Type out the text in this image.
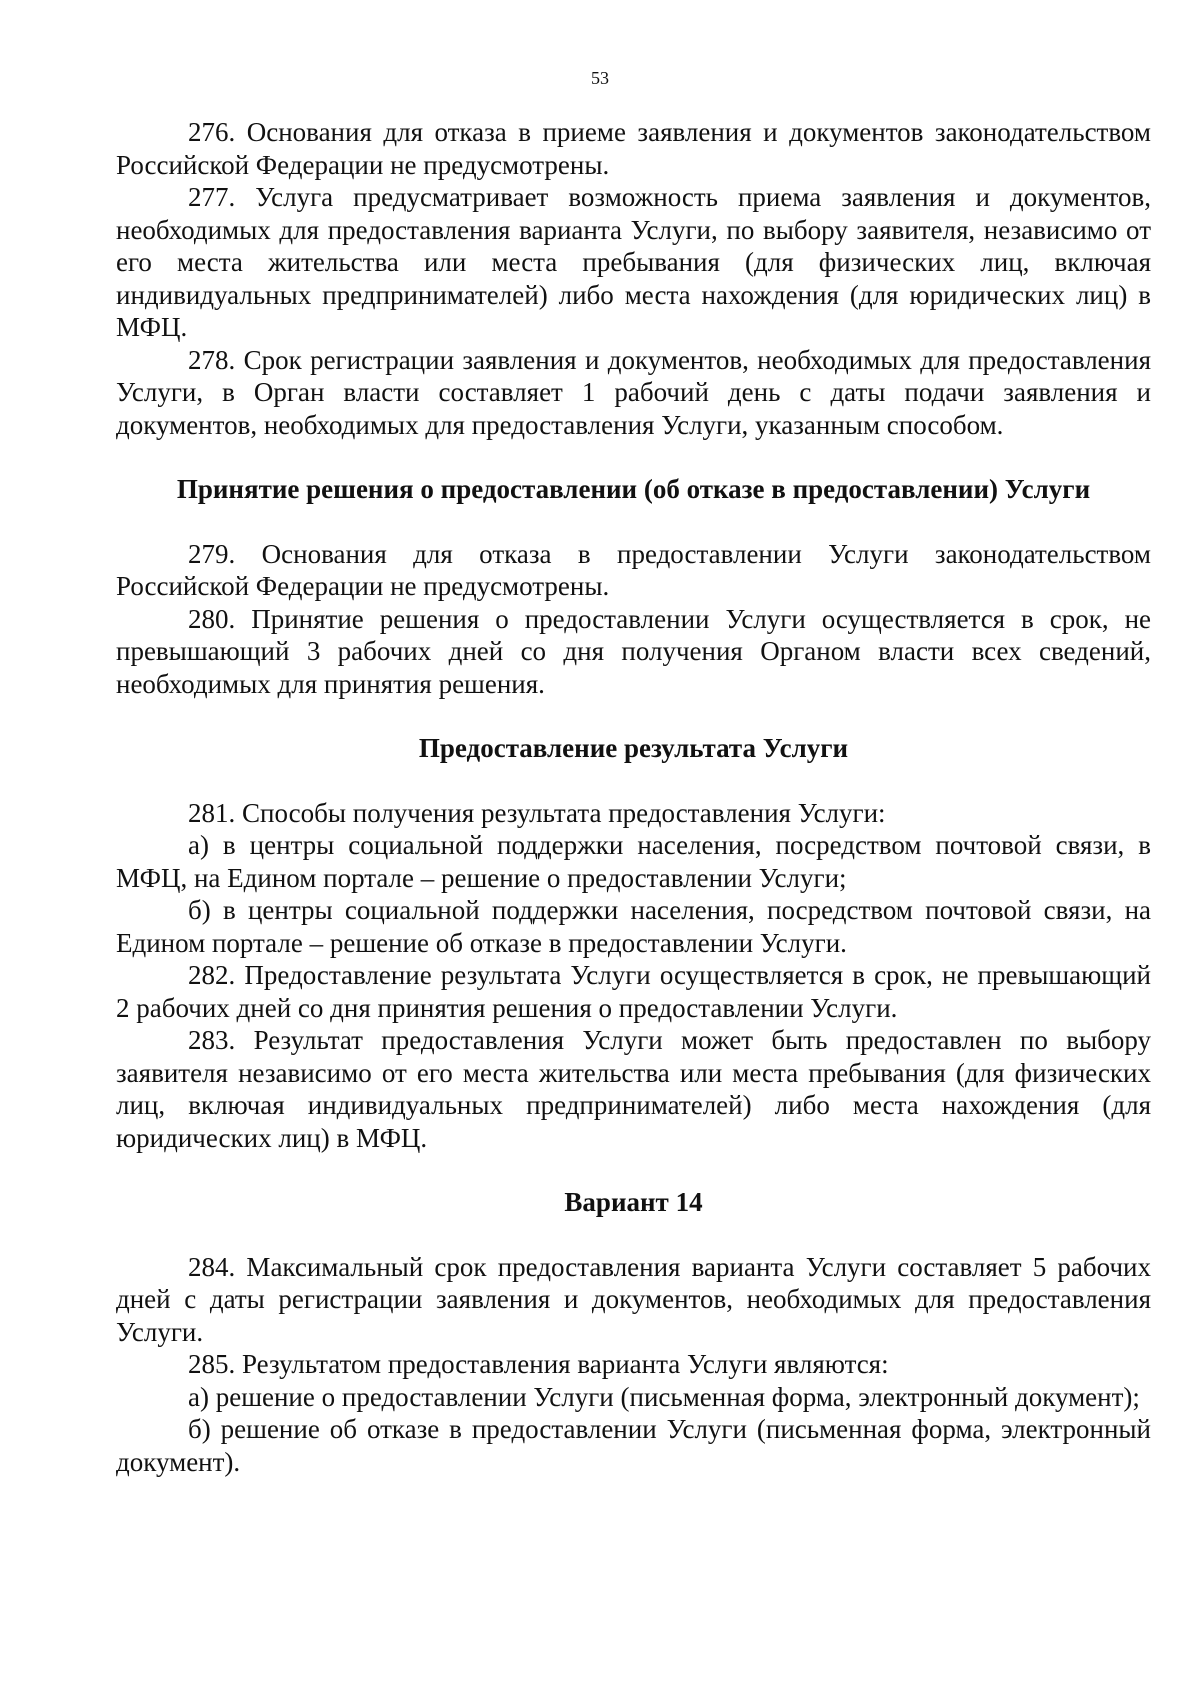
53

276. Основания для отказа в приеме заявления и документов законодательством Российской Федерации не предусмотрены.

277. Услуга предусматривает возможность приема заявления и документов, необходимых для предоставления варианта Услуги, по выбору заявителя, независимо от его места жительства или места пребывания (для физических лиц, включая индивидуальных предпринимателей) либо места нахождения (для юридических лиц) в МФЦ.

278. Срок регистрации заявления и документов, необходимых для предоставления Услуги, в Орган власти составляет 1 рабочий день с даты подачи заявления и документов, необходимых для предоставления Услуги, указанным способом.

Принятие решения о предоставлении (об отказе в предоставлении) Услуги

279. Основания для отказа в предоставлении Услуги законодательством Российской Федерации не предусмотрены.

280. Принятие решения о предоставлении Услуги осуществляется в срок, не превышающий 3 рабочих дней со дня получения Органом власти всех сведений, необходимых для принятия решения.

Предоставление результата Услуги

281. Способы получения результата предоставления Услуги:

а) в центры социальной поддержки населения, посредством почтовой связи, в МФЦ, на Едином портале – решение о предоставлении Услуги;

б) в центры социальной поддержки населения, посредством почтовой связи, на Едином портале – решение об отказе в предоставлении Услуги.

282. Предоставление результата Услуги осуществляется в срок, не превышающий 2 рабочих дней со дня принятия решения о предоставлении Услуги.

283. Результат предоставления Услуги может быть предоставлен по выбору заявителя независимо от его места жительства или места пребывания (для физических лиц, включая индивидуальных предпринимателей) либо места нахождения (для юридических лиц) в МФЦ.

Вариант 14

284. Максимальный срок предоставления варианта Услуги составляет 5 рабочих дней с даты регистрации заявления и документов, необходимых для предоставления Услуги.

285. Результатом предоставления варианта Услуги являются:

а) решение о предоставлении Услуги (письменная форма, электронный документ);

б) решение об отказе в предоставлении Услуги (письменная форма, электронный документ).
